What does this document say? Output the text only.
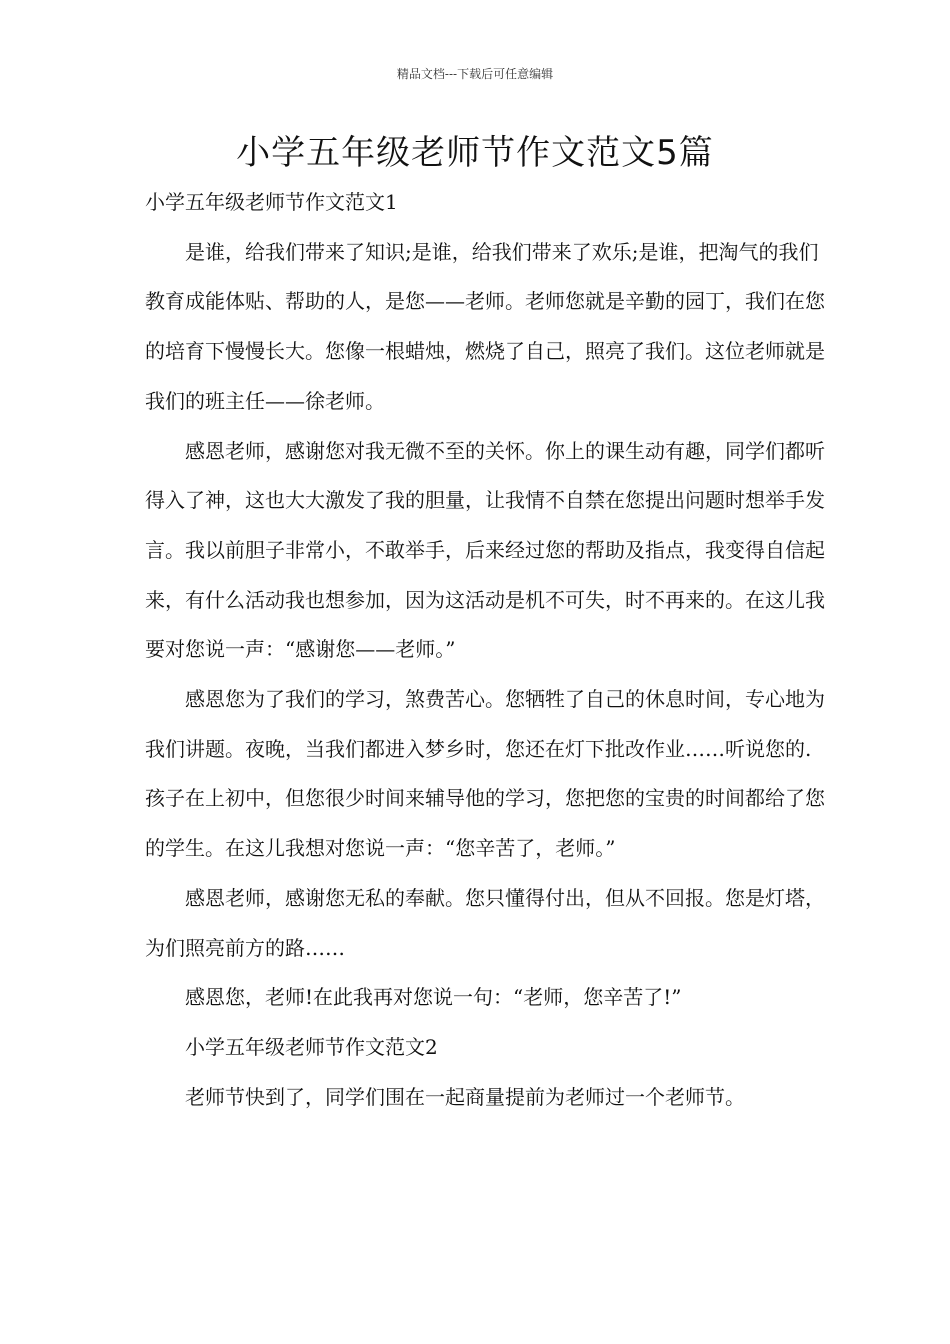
精品文档---下载后可任意编辑
小学五年级老师节作文范文5篇

小学五年级老师节作文范文1

是谁，给我们带来了知识;是谁，给我们带来了欢乐;是谁，把淘气的我们教育成能体贴、帮助的人，是您——老师。老师您就是辛勤的园丁，我们在您的培育下慢慢长大。您像一根蜡烛，燃烧了自己，照亮了我们。这位老师就是我们的班主任——徐老师。

感恩老师，感谢您对我无微不至的关怀。你上的课生动有趣，同学们都听得入了神，这也大大激发了我的胆量，让我情不自禁在您提出问题时想举手发言。我以前胆子非常小，不敢举手，后来经过您的帮助及指点，我变得自信起来，有什么活动我也想参加，因为这活动是机不可失，时不再来的。在这儿我要对您说一声：“感谢您——老师。”

感恩您为了我们的学习，煞费苦心。您牺牲了自己的休息时间，专心地为我们讲题。夜晚，当我们都进入梦乡时，您还在灯下批改作业……听说您的.孩子在上初中，但您很少时间来辅导他的学习，您把您的宝贵的时间都给了您的学生。在这儿我想对您说一声：“您辛苦了，老师。”

感恩老师，感谢您无私的奉献。您只懂得付出，但从不回报。您是灯塔，为们照亮前方的路……

感恩您，老师!在此我再对您说一句：“老师，您辛苦了!”

小学五年级老师节作文范文2

老师节快到了，同学们围在一起商量提前为老师过一个老师节。
